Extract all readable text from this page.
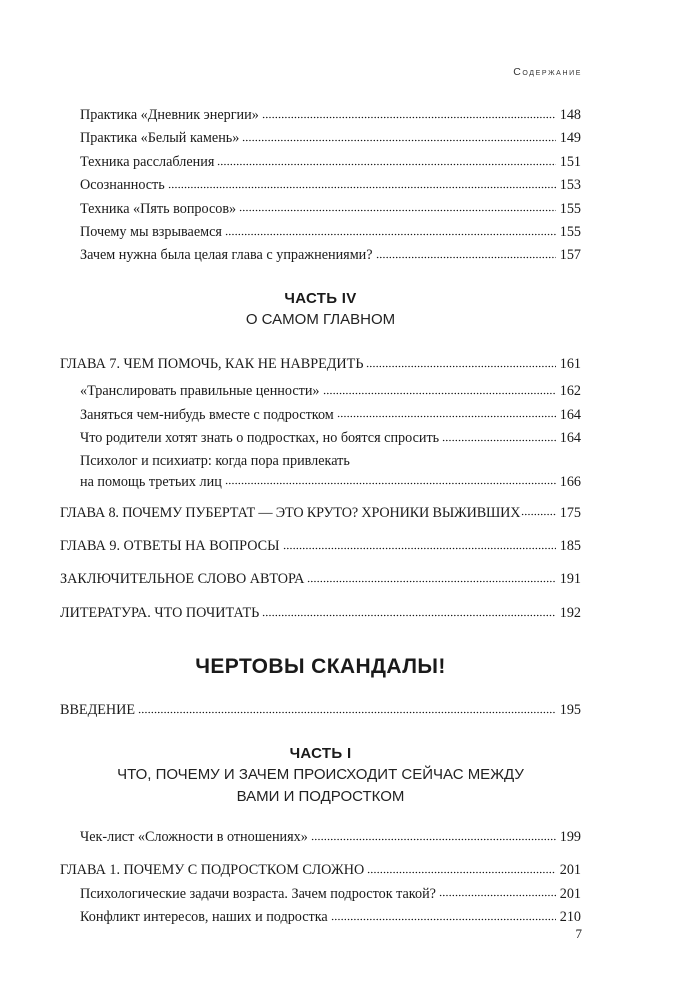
Содержание
Практика «Дневник энергии»	148
Практика «Белый камень»	149
Техника расслабления	151
Осознанность	153
Техника «Пять вопросов»	155
Почему мы взрываемся	155
Зачем нужна была целая глава с упражнениями?	157
ЧАСТЬ IV
О САМОМ ГЛАВНОМ
ГЛАВА 7. ЧЕМ ПОМОЧЬ, КАК НЕ НАВРЕДИТЬ	161
«Транслировать правильные ценности»	162
Заняться чем-нибудь вместе с подростком	164
Что родители хотят знать о подростках, но боятся спросить	164
Психолог и психиатр: когда пора привлекать
на помощь третьих лиц	166
ГЛАВА 8. ПОЧЕМУ ПУБЕРТАТ — ЭТО КРУТО? ХРОНИКИ ВЫЖИВШИХ	175
ГЛАВА 9. ОТВЕТЫ НА ВОПРОСЫ	185
ЗАКЛЮЧИТЕЛЬНОЕ СЛОВО АВТОРА	191
ЛИТЕРАТУРА. ЧТО ПОЧИТАТЬ	192
ЧЕРТОВЫ СКАНДАЛЫ!
ВВЕДЕНИЕ	195
ЧАСТЬ I
ЧТО, ПОЧЕМУ И ЗАЧЕМ ПРОИСХОДИТ СЕЙЧАС МЕЖДУ
ВАМИ И ПОДРОСТКОМ
Чек-лист «Сложности в отношениях»	199
ГЛАВА 1. ПОЧЕМУ С ПОДРОСТКОМ СЛОЖНО	201
Психологические задачи возраста. Зачем подросток такой?	201
Конфликт интересов, наших и подростка	210
7
